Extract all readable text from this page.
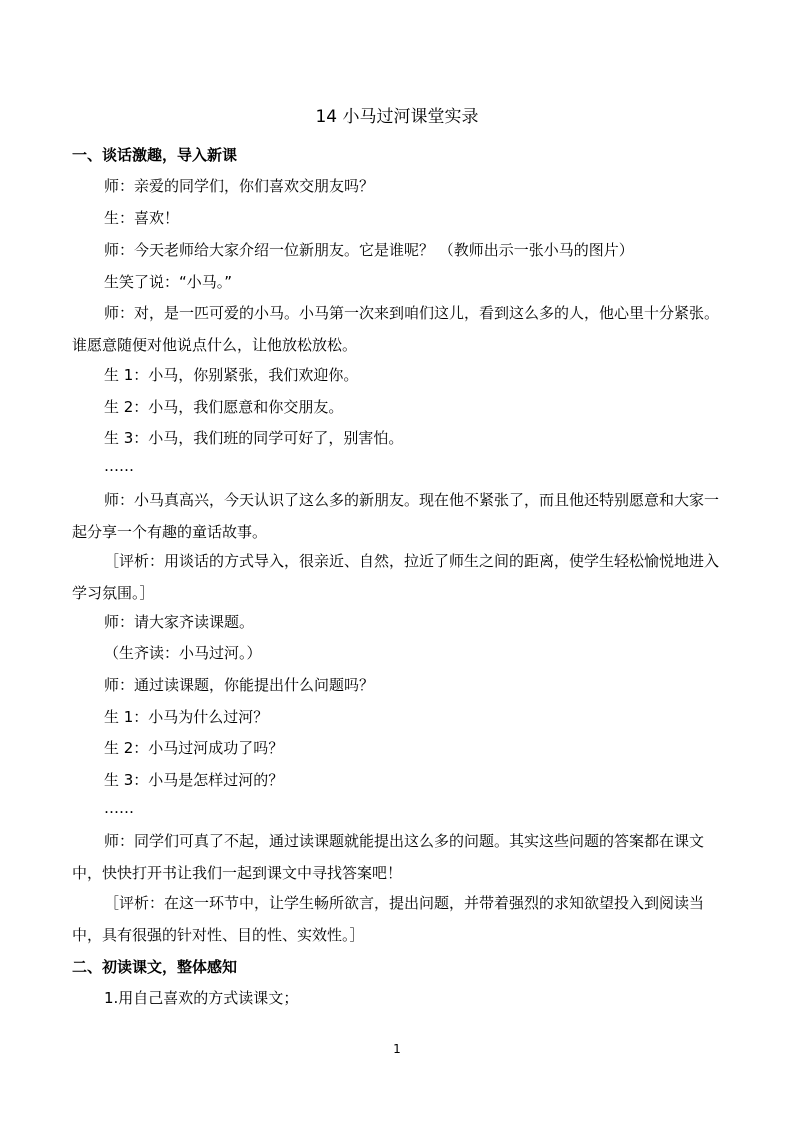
14 小马过河课堂实录
一、谈话激趣，导入新课

师：亲爱的同学们，你们喜欢交朋友吗？

生：喜欢！

师：今天老师给大家介绍一位新朋友。它是谁呢？ （教师出示一张小马的图片）

生笑了说：“小马。”

师：对，是一匹可爱的小马。小马第一次来到咱们这儿，看到这么多的人，他心里十分紧张。谁愿意随便对他说点什么，让他放松放松。

生 1：小马，你别紧张，我们欢迎你。

生 2：小马，我们愿意和你交朋友。

生 3：小马，我们班的同学可好了，别害怕。

……

师：小马真高兴，今天认识了这么多的新朋友。现在他不紧张了，而且他还特别愿意和大家一起分享一个有趣的童话故事。

［评析：用谈话的方式导入，很亲近、自然，拉近了师生之间的距离，使学生轻松愉悦地进入学习氛围。］

师：请大家齐读课题。

（生齐读：小马过河。）

师：通过读课题，你能提出什么问题吗？

生 1：小马为什么过河？

生 2：小马过河成功了吗？

生 3：小马是怎样过河的？

……

师：同学们可真了不起，通过读课题就能提出这么多的问题。其实这些问题的答案都在课文中，快快打开书让我们一起到课文中寻找答案吧！

［评析：在这一环节中，让学生畅所欲言，提出问题，并带着强烈的求知欲望投入到阅读当中，具有很强的针对性、目的性、实效性。］

二、初读课文，整体感知

1.用自己喜欢的方式读课文；

1
